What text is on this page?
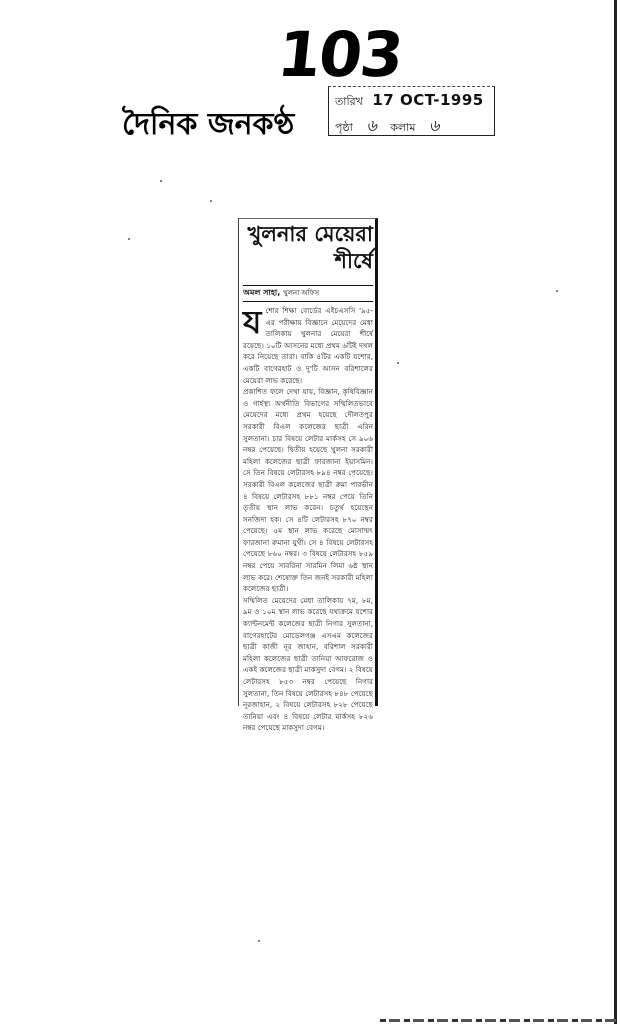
103
দৈনিক জনকণ্ঠ
তারিখ 17 OCT-1995
পৃষ্ঠা ৬ কলাম ৬
খুলনার মেয়েরা শীর্ষে
অমল সাহা, খুলনা অফিস
য শোর শিক্ষা বোর্ডের এইচএসসি '৯৫-এর পরীক্ষায় বিজ্ঞানে মেয়েদের মেধা তালিকায় খুলনার মেয়েরা শীর্ষে রয়েছে। ১০টি আসনের মধ্যে প্রথম ৬টিই দখল করে নিয়েছে তারা। বাকি ৪টির একটি যশোর, একটি বাগেরহাট ও দু'টি আসন বরিশালের মেয়েরা লাভ করেছে।

প্রকাশিত ফলে দেখা যায়, বিজ্ঞান, কৃষিবিজ্ঞান ও গার্হস্থ্য অর্থনীতি বিভাগের সম্মিলিতভাবে মেয়েদের মধ্যে প্রথম হয়েছে দৌলতপুর সরকারী বিএল কলেজের ছাত্রী এরিন সুলতানা। চার বিষয়ে লেটার মার্কসহ সে ৯০৬ নম্বর পেয়েছে। দ্বিতীয় হয়েছে খুলনা সরকারী মহিলা কলেজের ছাত্রী ফারজানা ইয়াসমিন। সে তিন বিষয়ে লেটারসহ ৮৯৪ নম্বর পেয়েছে। সরকারী বিএল কলেজের ছাত্রী রুমা পারভীন ৪ বিষয়ে লেটারসহ ৮৮১ নম্বর পেয়ে তিনি তৃতীয় স্থান লাভ করেন। চতুর্থ হয়েছেন সনজিদা হক। সে ৪টি লেটারসহ ৮৭০ নম্বর পেয়েছে। ৫ম স্থান লাভ করেছে মোসাম্মৎ ফারজানা রুমানা যুথী। সে ৪ বিষয়ে লেটারসহ পেয়েছে ৮৬০ নম্বর। ৩ বিষয়ে লেটারসহ ৮৫৯ নম্বর পেয়ে সাবরিনা সারমিন লিমা ৬ষ্ঠ স্থান লাভ করে। শেষোক্ত তিন জনই সরকারী মহিলা কলেজের ছাত্রী।

সম্মিলিত মেয়েদের মেধা তালিকায় ৭ম, ৮ম, ৯ম ও ১০ম স্থান লাভ করেছে যথাক্রমে যশোর ক্যান্টনমেন্ট কলেজের ছাত্রী নিগার সুলতানা, বাগেরহাটের মোড়েলগঞ্জ এসএম কলেজের ছাত্রী কাজী নূর জাহান, বরিশাল সরকারী মহিলা কলেজের ছাত্রী তানিয়া আফরোজ ও একই কলেজের ছাত্রী মাকসুদা বেগম। ২ বিষয়ে লেটারসহ ৮৫৩ নম্বর পেয়েছে নিগার সুলতানা, তিন বিষয়ে লেটারসহ ৮৪৮ পেয়েছে নূরজাহান, ২ বিষয়ে লেটারসহ ৮২৮ পেয়েছে তানিয়া এবং ৪ বিষয়ে লেটার মার্কসহ ৮২৬ নম্বর পেয়েছে মাকসুদা বেগম।
